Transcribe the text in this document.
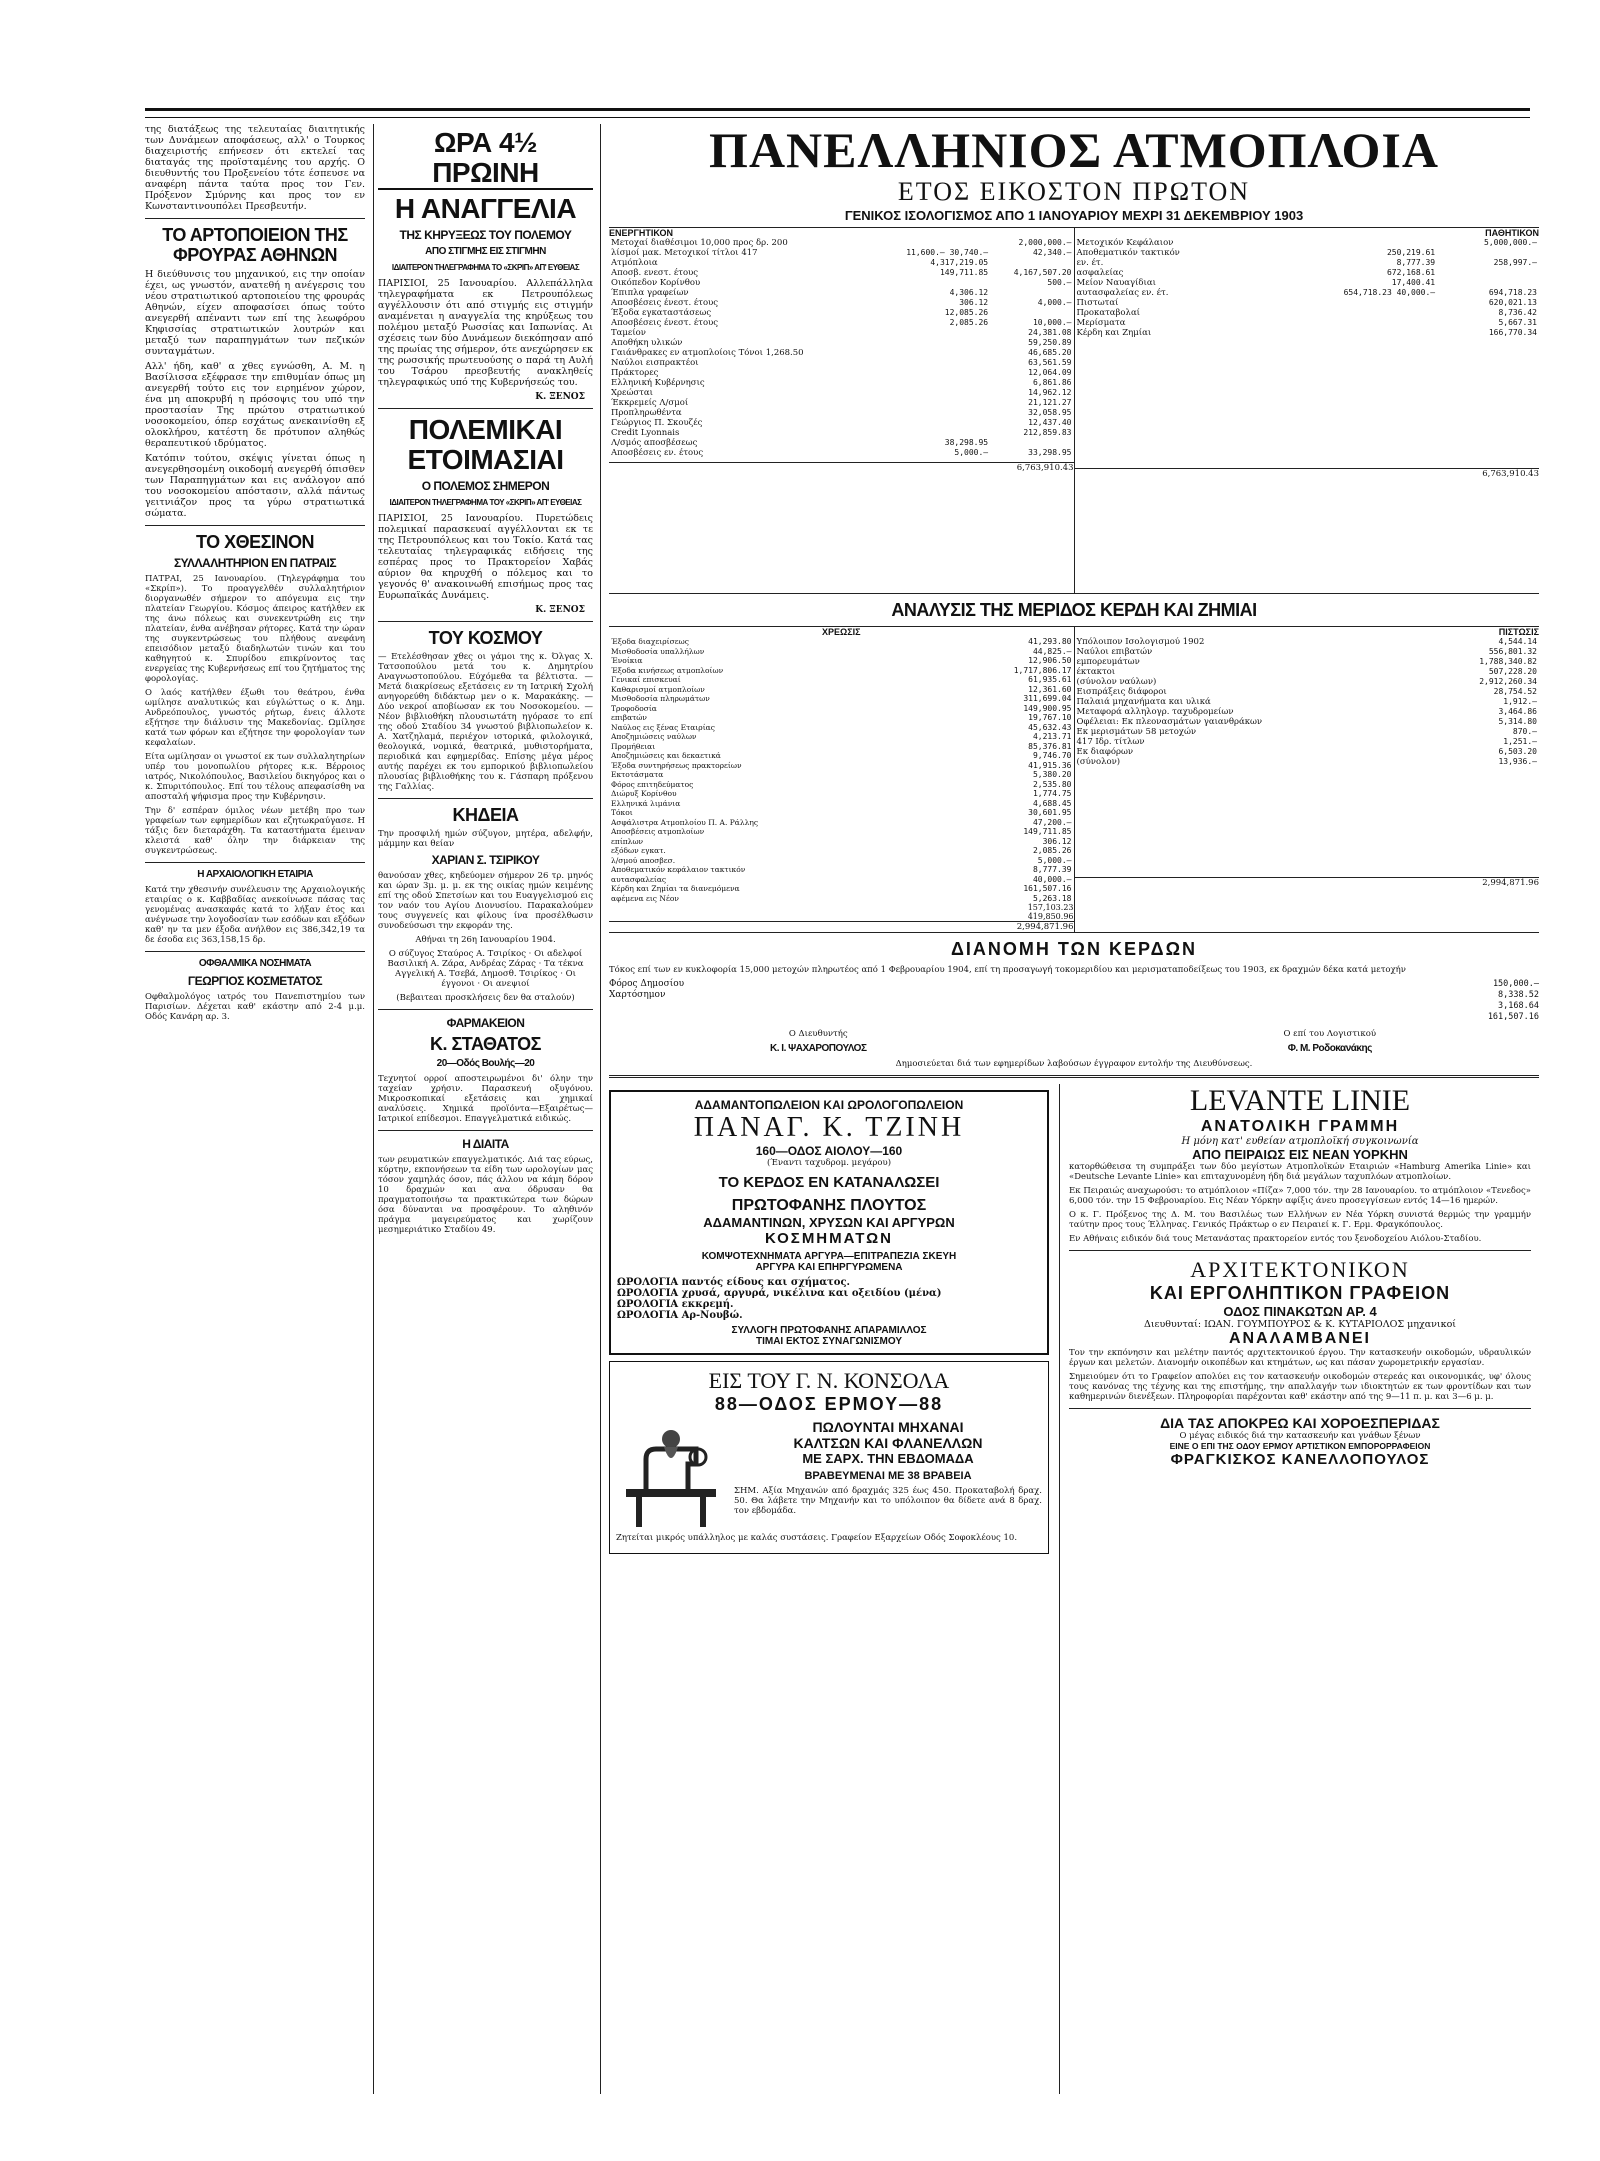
της διατάξεως της τελευταίας διαιτητικής των Δυνάμεων αποφάσεως, αλλ' ο Τουρκος διαχειριστής επήνεσεν ότι εκτελεί τας διαταγάς της προϊσταμένης του αρχής. Ο διευθυντής του Προξενείου τότε έσπευσε να αναφέρη πάντα ταύτα προς τον Γεν. Πρόξενον Σμύρνης και προς τον εν Κωνσταντινουπόλει Πρεσβευτήν.

ΤΟ ΑΡΤΟΠΟΙΕΙΟΝ ΤΗΣ ΦΡΟΥΡΑΣ ΑΘΗΝΩΝ

Η διεύθυνσις του μηχανικού, εις την οποίαν έχει, ως γνωστόν, ανατεθή η ανέγερσις του νέου στρατιωτικού αρτοποιείου της φρουράς Αθηνών, είχεν αποφασίσει όπως τούτο ανεγερθή απέναντι των επί της λεωφόρου Κηφισσίας στρατιωτικών λουτρών και μεταξύ των παραπηγμάτων των πεζικών συνταγμάτων.

Αλλ' ήδη, καθ' α χθες εγνώσθη, Α. Μ. η Βασίλισσα εξέφρασε την επιθυμίαν όπως μη ανεγερθή τούτο εις τον ειρημένον χώρον, ένα μη αποκρυβή η πρόσοψις του υπό την προστασίαν Της πρώτου στρατιωτικού νοσοκομείου, όπερ εσχάτως ανεκαινίσθη εξ ολοκλήρου, κατέστη δε πρότυπον αληθώς θεραπευτικού ιδρύματος.

Κατόπιν τούτου, σκέψις γίνεται όπως η ανεγερθησομένη οικοδομή ανεγερθή όπισθεν των Παραπηγμάτων και εις ανάλογον από του νοσοκομείου απόστασιν, αλλά πάντως γειτνιάζον προς τα γύρω στρατιωτικά σώματα.

ΤΟ ΧΘΕΣΙΝΟΝ
ΣΥΛΛΑΛΗΤΗΡΙΟΝ ΕΝ ΠΑΤΡΑΙΣ

ΠΑΤΡΑΙ, 25 Ιανουαρίου. (Τηλεγράφημα του «Σκρίπ»). Το προαγγελθέν συλλαλητήριον διοργανωθέν σήμερον το απόγευμα εις την πλατείαν Γεωργίου. Κόσμος άπειρος κατήλθεν εκ της άνω πόλεως και συνεκεντρώθη εις την πλατείαν, ένθα ανέβησαν ρήτορες. Κατά την ώραν της συγκεντρώσεως του πλήθους ανεφάνη επεισόδιον μεταξύ διαδηλωτών τινών και του καθηγητού κ. Σπυρίδου επικρίνοντος τας ενεργείας της Κυβερνήσεως επί του ζητήματος της φορολογίας.

Ο λαός κατήλθεν έξωθι του θεάτρου, ένθα ωμίλησε αναλυτικώς και εύγλώττως ο κ. Δημ. Ανδρεόπουλος, γνωστός ρήτωρ, ένεις άλλοτε εξήτησε την διάλυσιν της Μακεδονίας. Ωμίλησε κατά των φόρων και εζήτησε την φορολογίαν των κεφαλαίων.

Είτα ωμίλησαν οι γνωστοί εκ των συλλαλητηρίων υπέρ του μονοπωλίου ρήτορες κ.κ. Βέρροιος ιατρός, Νικολόπουλος, Βασιλείου δικηγόρος και ο κ. Σπυριτόπουλος. Επί του τέλους απεφασίσθη να αποσταλή ψήφισμα προς την Κυβέρνησιν.

Την δ' εσπέραν όμιλος νέων μετέβη προ των γραφείων των εφημερίδων και εζητωκραύγασε. Η τάξις δεν διεταράχθη. Τα καταστήματα έμειναν κλειστά καθ' όλην την διάρκειαν της συγκεντρώσεως.

Η ΑΡΧΑΙΟΛΟΓΙΚΗ ΕΤΑΙΡΙΑ

Κατά την χθεσινήν συνέλευσιν της Αρχαιολογικής εταιρίας ο κ. Καββαδίας ανεκοίνωσε πάσας τας γενομένας ανασκαφάς κατά το λήξαν έτος και ανέγνωσε την λογοδοσίαν των εσόδων και εξόδων καθ' ην τα μεν έξοδα ανήλθον εις 386,342,19 τα δε έσοδα εις 363,158,15 δρ.

ΟΦΘΑΛΜΙΚΑ ΝΟΣΗΜΑΤΑ
ΓΕΩΡΓΙΟΣ ΚΟΣΜΕΤΑΤΟΣ

Οφθαλμολόγος ιατρός του Πανεπιστημίου των Παρισίων. Δέχεται καθ' εκάστην από 2-4 μ.μ. Οδός Κανάρη αρ. 3.

ΩΡΑ 4½ ΠΡΩΙΝΗ
Η ΑΝΑΓΓΕΛΙΑ
ΤΗΣ ΚΗΡΥΞΕΩΣ ΤΟΥ ΠΟΛΕΜΟΥ
ΑΠΟ ΣΤΙΓΜΗΣ ΕΙΣ ΣΤΙΓΜΗΝ
ΙΔΙΑΙΤΕΡΟΝ ΤΗΛΕΓΡΑΦΗΜΑ ΤΟ «ΣΚΡΙΠ» ΑΠ' ΕΥΘΕΙΑΣ

ΠΑΡΙΣΙΟΙ, 25 Ιανουαρίου. Αλλεπάλληλα τηλεγραφήματα εκ Πετρουπόλεως αγγέλλουσιν ότι από στιγμής εις στιγμήν αναμένεται η αναγγελία της κηρύξεως του πολέμου μεταξύ Ρωσσίας και Ιαπωνίας. Αι σχέσεις των δύο Δυνάμεων διεκόπησαν από της πρωίας της σήμερον, ότε ανεχώρησεν εκ της ρωσσικής πρωτευούσης ο παρά τη Αυλή του Τσάρου πρεσβευτής ανακληθείς τηλεγραφικώς υπό της Κυβερνήσεώς του.

Κ. ΞΕΝΟΣ
ΠΟΛΕΜΙΚΑΙ ΕΤΟΙΜΑΣΙΑΙ
Ο ΠΟΛΕΜΟΣ ΣΗΜΕΡΟΝ
ΙΔΙΑΙΤΕΡΟΝ ΤΗΛΕΓΡΑΦΗΜΑ ΤΟΥ «ΣΚΡΙΠ» ΑΠ' ΕΥΘΕΙΑΣ

ΠΑΡΙΣΙΟΙ, 25 Ιανουαρίου. Πυρετώδεις πολεμικαί παρασκευαί αγγέλλονται εκ τε της Πετρουπόλεως και του Τοκίο. Κατά τας τελευταίας τηλεγραφικάς ειδήσεις της εσπέρας προς το Πρακτορείον Χαβάς αύριον θα κηρυχθή ο πόλεμος και το γεγονός θ' ανακοινωθή επισήμως προς τας Ευρωπαϊκάς Δυνάμεις.

Κ. ΞΕΝΟΣ
ΤΟΥ ΚΟΣΜΟΥ

— Ετελέσθησαν χθες οι γάμοι της κ. Όλγας Χ. Τατσοπούλου μετά του κ. Δημητρίου Αναγνωστοπούλου. Εύχόμεθα τα βέλτιστα. — Μετά διακρίσεως εξετάσεις εν τη Ιατρική Σχολή ανηγορεύθη διδάκτωρ μεν ο κ. Μαρακάκης. — Δύο νεκροί αποβίωσαν εκ του Νοσοκομείου. — Νέον βιβλιοθήκη πλουσιωτάτη ηγόρασε το επί της οδού Σταδίου 34 γνωστού βιβλιοπωλείον κ. Α. Χατζηλαμά, περιέχον ιστορικά, φιλολογικά, θεολογικά, νομικά, θεατρικά, μυθιστορήματα, περιοδικά και εφημερίδας. Επίσης μέγα μέρος αυτής παρέχει εκ του εμπορικού βιβλιοπωλείου πλουσίας βιβλιοθήκης του κ. Γάσπαρη πρόξενου της Γαλλίας.

ΚΗΔΕΙΑ

Την προσφιλή ημών σύζυγον, μητέρα, αδελφήν, μάμμην και θείαν

ΧΑΡΙΑΝ Σ. ΤΣΙΡΙΚΟΥ

θανούσαν χθες, κηδεύομεν σήμερον 26 τρ. μηνός και ώραν 3μ. μ. μ. εκ της οικίας ημών κειμένης επί της οδού Σπετσίων και του Ευαγγελισμού εις τον ναόν του Αγίου Διονυσίου. Παρακαλούμεν τους συγγενείς και φίλους ίνα προσέλθωσιν συνοδεύσωσι την εκφοράν της.

Αθήναι τη 26η Ιανουαρίου 1904.

Ο σύζυγος Σταύρος Α. Τσιρίκος · Οι αδελφοί Βασιλική Α. Ζάρα, Ανδρέας Ζάρας · Τα τέκνα Αγγελική Α. Τσεβά, Δημοσθ. Τσιρίκος · Οι έγγονοι · Οι ανεψιοί

(Βεβαιτεαι προσκλήσεις δεν θα σταλούν)

ΦΑΡΜΑΚΕΙΟΝ
Κ. ΣΤΑΘΑΤΟΣ
20—Οδός Βουλής—20

Τεχνητοί ορροί αποστειρωμένοι δι' όλην την ταχείαν χρήσιν. Παρασκευή οξυγόνου. Μικροσκοπικαί εξετάσεις και χημικαί αναλύσεις. Χημικά προϊόντα—Εξαιρέτως—Ιατρικοί επίδεσμοι. Επαγγελματικά ειδικώς.

Η ΔΙΑΙΤΑ

των ρευματικών επαγγελματικός. Διά τας εύρως, κύρτην, εκπονήσεων τα είδη των ωρολογίων μας τόσον χαμηλάς όσον, πάς άλλου να κάμη δόρον 10 δραχμών και ανα όδρυσαν θα πραγματοποιήσω τα πρακτικώτερα των δώρων όσα δύνανται να προσφέρουν. Το αληθινόν πράγμα μαγειρεύματος και χωρίζουν μεσημεριάτικο Σταδίου 49.

ΠΑΝΕΛΛΗΝΙΟΣ ΑΤΜΟΠΛΟΙΑ
ΕΤΟΣ ΕΙΚΟΣΤΟΝ ΠΡΩΤΟΝ
ΓΕΝΙΚΟΣ ΙΣΟΛΟΓΙΣΜΟΣ ΑΠΟ 1 ΙΑΝΟΥΑΡΙΟΥ ΜΕΧΡΙ 31 ΔΕΚΕΜΒΡΙΟΥ 1903
ΕΝΕΡΓΗΤΙΚΟΝ
Μετοχαί διαθέσιμοι 10,000 προς δρ. 200		2,000,000.—
λίσμοί μακ. Μετοχικοί τίτλοι 417	11,600.— 30,740.—	42,340.—
Ατμόπλοια	4,317,219.05	
Αποσβ. ενεστ. έτους	149,711.85	4,167,507.20
Οικόπεδον Κορίνθου		500.—
Έπιπλα γραφείων	4,306.12	
Αποσβέσεις ένεστ. έτους	306.12	4,000.—
Έξοδα εγκαταστάσεως	12,085.26	
Αποσβέσεις ένεστ. έτους	2,085.26	10,000.—
Ταμείον		24,381.08
Αποθήκη υλικών		59,250.89
Γαιάνθρακες εν ατμοπλοίοις Τόνοι 1,268.50		46,685.20
Ναύλοι εισπρακτέοι		63,561.59
Πράκτορες		12,064.09
Ελληνική Κυβέρνησις		6,861.86
Χρεώσται		14,962.12
Έκκρεμείς Λ/σμοί		21,121.27
Προπληρωθέντα		32,058.95
Γεώργιος Π. Σκουζές		12,437.40
Credit Lyonnais		212,859.83
Λ/σμός αποσβέσεως	38,298.95	
Αποσβέσεις εν. έτους	5,000.—	33,298.95
6,763,910.43
ΠΑΘΗΤΙΚΟΝ
Μετοχικόν Κεφάλαιον		5,000,000.—
Αποθεματικόν τακτικόν	250,219.61	
εν. έτ.	8,777.39	258,997.—
ασφαλείας	672,168.61	
Μείον Ναυαγίδιαι	17,400.41	
αυτασφαλείας εν. έτ.	654,718.23 40,000.—	694,718.23
Πιστωταί		620,021.13
Προκαταβολαί		8,736.42
Μερίσματα		5,667.31
Κέρδη και Ζημίαι		166,770.34
6,763,910.43
ΑΝΑΛΥΣΙΣ ΤΗΣ ΜΕΡΙΔΟΣ ΚΕΡΔΗ ΚΑΙ ΖΗΜΙΑΙ
ΧΡΕΩΣΙΣ
Έξοδα διαχειρίσεως	41,293.80
Μισθοδοσία υπαλλήλων	44,825.—
Ένοίκια	12,906.50
Έξοδα κινήσεως ατμοπλοίων	1,717,806.17
Γενικαί επισκευαί	61,935.61
Καθαρισμοί ατμοπλοίων	12,361.60
Μισθοδοσία πληρωμάτων	311,699.04
Τροφοδοσία	149,900.95
επιβατών	19,767.10
Ναύλος εις ξένας Εταιρίας	45,632.43
Αποζημιώσεις ναύλων	4,213.71
Προμήθειαι	85,376.81
Αποζημιώσεις και δεκαετικά	9,746.70
Έξοδα συντηρήσεως πρακτορείων	41,915.36
Εκτοτάσματα	5,380.20
Φόρος επιτηδεύματος	2,535.80
Διώρυξ Κορίνθου	1,774.75
Ελληνικά λιμάνια	4,688.45
Τόκοι	30,601.95
Ασφάλιστρα Ατμοπλοίου Π. Α. Ράλλης	47,200.—
Αποσβέσεις ατμοπλοίων	149,711.85
επίπλων	306.12
εξόδων εγκατ.	2,085.26
λ/σμού αποσβεσ.	5,000.—
Αποθεματικόν κεφάλαιον τακτικόν	8,777.39
αυτασφαλείας	40,000.—
Κέρδη και Ζημίαι τα διανεμόμενα	161,507.16
αφέμενα εις Νέον	5,263.18
157,103.23
419,850.96
2,994,871.96
ΠΙΣΤΩΣΙΣ
Υπόλοιπον Ισολογισμού 1902	4,544.14
Ναύλοι επιβατών	556,801.32
εμπορευμάτων	1,788,340.82
έκτακτοι	507,228.20
(σύνολον ναύλων)	2,912,260.34
Εισπράξεις διάφοροι	28,754.52
Παλαιά μηχανήματα και υλικά	1,912.—
Μεταφορά αλληλογρ. ταχυδρομείων	3,464.86
Οφέλειαι: Εκ πλεονασμάτων γαιανθράκων	5,314.80
Εκ μερισμάτων 58 μετοχών	870.—
417 Ιδρ. τίτλων	1,251.—
Εκ διαφόρων	6,503.20
(σύνολον)	13,936.—
2,994,871.96
ΔΙΑΝΟΜΗ ΤΩΝ ΚΕΡΔΩΝ

Τόκος επί των εν κυκλοφορία 15,000 μετοχών πληρωτέος από 1 Φεβρουαρίου 1904, επί τη προσαγωγή τοκομεριδίου και μερισματαποδείξεως του 1903, εκ δραχμών δέκα κατά μετοχήν

Φόρος Δημοσίου	150,000.—
Χαρτόσημον	8,338.52
3,168.64
161,507.16
Ο Διευθυντής
Κ. Ι. ΨΑΧΑΡΟΠΟΥΛΟΣ
Ο επί του Λογιστικού
Φ. Μ. Ροδοκανάκης

Δημοσιεύεται διά των εφημερίδων λαβούσων έγγραφον εντολήν της Διευθύνσεως.

ΑΔΑΜΑΝΤΟΠΩΛΕΙΟΝ ΚΑΙ ΩΡΟΛΟΓΟΠΩΛΕΙΟΝ
ΠΑΝΑΓ. Κ. ΤΖΙΝΗ
160—ΟΔΟΣ ΑΙΟΛΟΥ—160
(Έναντι ταχυδρομ. μεγάρου)
ΤΟ ΚΕΡΔΟΣ ΕΝ ΚΑΤΑΝΑΛΩΣΕΙ
ΠΡΩΤΟΦΑΝΗΣ ΠΛΟΥΤΟΣ
ΑΔΑΜΑΝΤΙΝΩΝ, ΧΡΥΣΩΝ ΚΑΙ ΑΡΓΥΡΩΝ
ΚΟΣΜΗΜΑΤΩΝ
ΚΟΜΨΟΤΕΧΝΗΜΑΤΑ ΑΡΓΥΡΑ—ΕΠΙΤΡΑΠΕΖΙΑ ΣΚΕΥΗ
ΑΡΓΥΡΑ ΚΑΙ ΕΠΗΡΓΥΡΩΜΕΝΑ
ΩΡΟΛΟΓΙΑ παντός είδους και σχήματος.
ΩΡΟΛΟΓΙΑ χρυσά, αργυρά, νικέλινα και οξειδίου (μένα)
ΩΡΟΛΟΓΙΑ εκκρεμή.
ΩΡΟΛΟΓΙΑ Αρ-Νουβώ.
ΣΥΛΛΟΓΗ ΠΡΩΤΟΦΑΝΗΣ ΑΠΑΡΑΜΙΛΛΟΣ
ΤΙΜΑΙ ΕΚΤΟΣ ΣΥΝΑΓΩΝΙΣΜΟΥ
ΕΙΣ ΤΟΥ Γ. Ν. ΚΟΝΣΟΛΑ
88—ΟΔΟΣ ΕΡΜΟΥ—88
ΠΩΛΟΥΝΤΑΙ ΜΗΧΑΝΑΙ
ΚΑΛΤΣΩΝ ΚΑΙ ΦΛΑΝΕΛΛΩΝ
ΜΕ ΣΑΡΧ. ΤΗΝ ΕΒΔΟΜΑΔΑ
ΒΡΑΒΕΥΜΕΝΑΙ ΜΕ 38 ΒΡΑΒΕΙΑ

ΣΗΜ. Αξία Μηχανών από δραχμάς 325 έως 450. Προκαταβολή δραχ. 50. Θα λάβετε την Μηχανήν και το υπόλοιπον θα δίδετε ανά 8 δραχ. τον εβδομάδα.

Ζητείται μικρός υπάλληλος με καλάς συστάσεις. Γραφείον Εξαρχείων Οδός Σοφοκλέους 10.

LEVANTE LINIE
ΑΝΑΤΟΛΙΚΗ ΓΡΑΜΜΗ
Η μόνη κατ' ευθείαν ατμοπλοϊκή συγκοινωνία
ΑΠΟ ΠΕΙΡΑΙΩΣ ΕΙΣ ΝΕΑΝ ΥΟΡΚΗΝ

κατορθώθεισα τη συμπράξει των δύο μεγίστων Ατμοπλοϊκών Εταιριών «Hamburg Amerika Linie» και «Deutsche Levante Linie» και επιταχυνομένη ήδη διά μεγάλων ταχυπλόων ατμοπλοίων.

Εκ Πειραιώς αναχωρούσι: το ατμόπλοιον «Πίζα» 7,000 τόν. την 28 Ιανουαρίου. το ατμόπλοιον «Τενεδος» 6,000 τόν. την 15 Φεβρουαρίου. Εις Νέαν Υόρκην αφίξις άνευ προσεγγίσεων εντός 14—16 ημερών.

Ο κ. Γ. Πρόξενος της Δ. Μ. του Βασιλέως των Ελλήνων εν Νέα Υόρκη συνιστά θερμώς την γραμμήν ταύτην προς τους Έλληνας. Γενικός Πράκτωρ ο εν Πειραιεί κ. Γ. Ερμ. Φραγκόπουλος.

Εν Αθήναις ειδικόν διά τους Μετανάστας πρακτορείον εντός του ξενοδοχείου Αιόλου-Σταδίου.

ΑΡΧΙΤΕΚΤΟΝΙΚΟΝ
ΚΑΙ ΕΡΓΟΛΗΠΤΙΚΟΝ ΓΡΑΦΕΙΟΝ
ΟΔΟΣ ΠΙΝΑΚΩΤΩΝ ΑΡ. 4
Διευθυνταί: ΙΩΑΝ. ΓΟΥΜΠΟΥΡΟΣ & Κ. ΚΥΤΑΡΙΟΛΟΣ μηχανικοί
ΑΝΑΛΑΜΒΑΝΕΙ

Τον την εκπόνησιν και μελέτην παντός αρχιτεκτονικού έργου. Την κατασκευήν οικοδομών, υδραυλικών έργων και μελετών. Διανομήν οικοπέδων και κτημάτων, ως και πάσαν χωρομετρικήν εργασίαν.

Σημειούμεν ότι το Γραφείον απολύει εις τον κατασκευήν οικοδομών στερεάς και οικονομικάς, υφ' όλους τους κανόνας της τέχνης και της επιστήμης, την απαλλαγήν των ιδιοκτητών εκ των φροντίδων και των καθημερινών διενέξεων. Πληροφορίαι παρέχονται καθ' εκάστην από της 9—11 π. μ. και 3—6 μ. μ.

ΔΙΑ ΤΑΣ ΑΠΟΚΡΕΩ ΚΑΙ ΧΟΡΟΕΣΠΕΡΙΔΑΣ
Ο μέγας ειδικός διά την κατασκευήν και γνάθων ξένων
ΕΙΝΕ Ο ΕΠΙ ΤΗΣ ΟΔΟΥ ΕΡΜΟΥ ΑΡΤΙΣΤΙΚΟΝ ΕΜΠΟΡΟΡΡΑΦΕΙΟΝ
ΦΡΑΓΚΙΣΚΟΣ ΚΑΝΕΛΛΟΠΟΥΛΟΣ
